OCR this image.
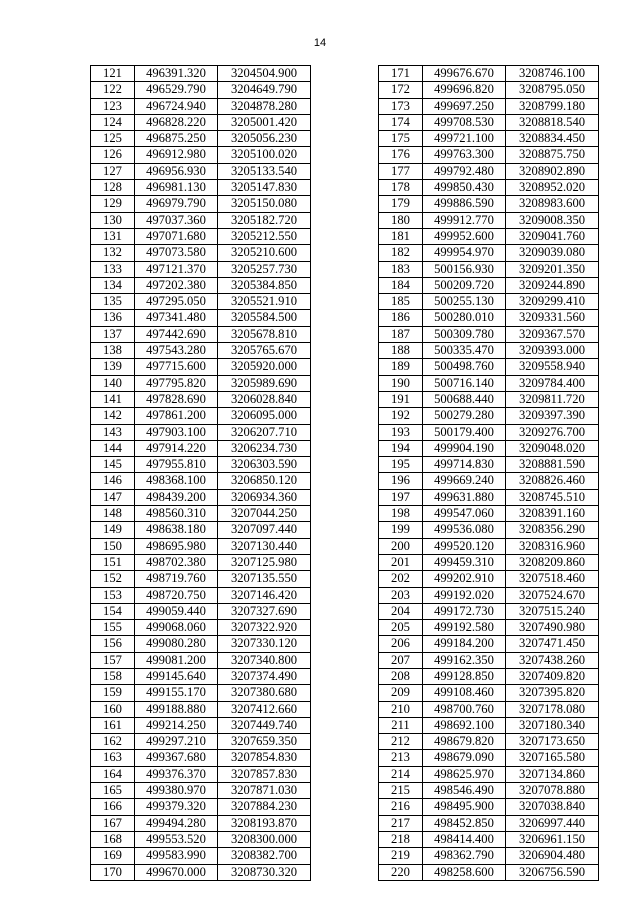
14
121	496391.320	3204504.900
122	496529.790	3204649.790
123	496724.940	3204878.280
124	496828.220	3205001.420
125	496875.250	3205056.230
126	496912.980	3205100.020
127	496956.930	3205133.540
128	496981.130	3205147.830
129	496979.790	3205150.080
130	497037.360	3205182.720
131	497071.680	3205212.550
132	497073.580	3205210.600
133	497121.370	3205257.730
134	497202.380	3205384.850
135	497295.050	3205521.910
136	497341.480	3205584.500
137	497442.690	3205678.810
138	497543.280	3205765.670
139	497715.600	3205920.000
140	497795.820	3205989.690
141	497828.690	3206028.840
142	497861.200	3206095.000
143	497903.100	3206207.710
144	497914.220	3206234.730
145	497955.810	3206303.590
146	498368.100	3206850.120
147	498439.200	3206934.360
148	498560.310	3207044.250
149	498638.180	3207097.440
150	498695.980	3207130.440
151	498702.380	3207125.980
152	498719.760	3207135.550
153	498720.750	3207146.420
154	499059.440	3207327.690
155	499068.060	3207322.920
156	499080.280	3207330.120
157	499081.200	3207340.800
158	499145.640	3207374.490
159	499155.170	3207380.680
160	499188.880	3207412.660
161	499214.250	3207449.740
162	499297.210	3207659.350
163	499367.680	3207854.830
164	499376.370	3207857.830
165	499380.970	3207871.030
166	499379.320	3207884.230
167	499494.280	3208193.870
168	499553.520	3208300.000
169	499583.990	3208382.700
170	499670.000	3208730.320
171	499676.670	3208746.100
172	499696.820	3208795.050
173	499697.250	3208799.180
174	499708.530	3208818.540
175	499721.100	3208834.450
176	499763.300	3208875.750
177	499792.480	3208902.890
178	499850.430	3208952.020
179	499886.590	3208983.600
180	499912.770	3209008.350
181	499952.600	3209041.760
182	499954.970	3209039.080
183	500156.930	3209201.350
184	500209.720	3209244.890
185	500255.130	3209299.410
186	500280.010	3209331.560
187	500309.780	3209367.570
188	500335.470	3209393.000
189	500498.760	3209558.940
190	500716.140	3209784.400
191	500688.440	3209811.720
192	500279.280	3209397.390
193	500179.400	3209276.700
194	499904.190	3209048.020
195	499714.830	3208881.590
196	499669.240	3208826.460
197	499631.880	3208745.510
198	499547.060	3208391.160
199	499536.080	3208356.290
200	499520.120	3208316.960
201	499459.310	3208209.860
202	499202.910	3207518.460
203	499192.020	3207524.670
204	499172.730	3207515.240
205	499192.580	3207490.980
206	499184.200	3207471.450
207	499162.350	3207438.260
208	499128.850	3207409.820
209	499108.460	3207395.820
210	498700.760	3207178.080
211	498692.100	3207180.340
212	498679.820	3207173.650
213	498679.090	3207165.580
214	498625.970	3207134.860
215	498546.490	3207078.880
216	498495.900	3207038.840
217	498452.850	3206997.440
218	498414.400	3206961.150
219	498362.790	3206904.480
220	498258.600	3206756.590
